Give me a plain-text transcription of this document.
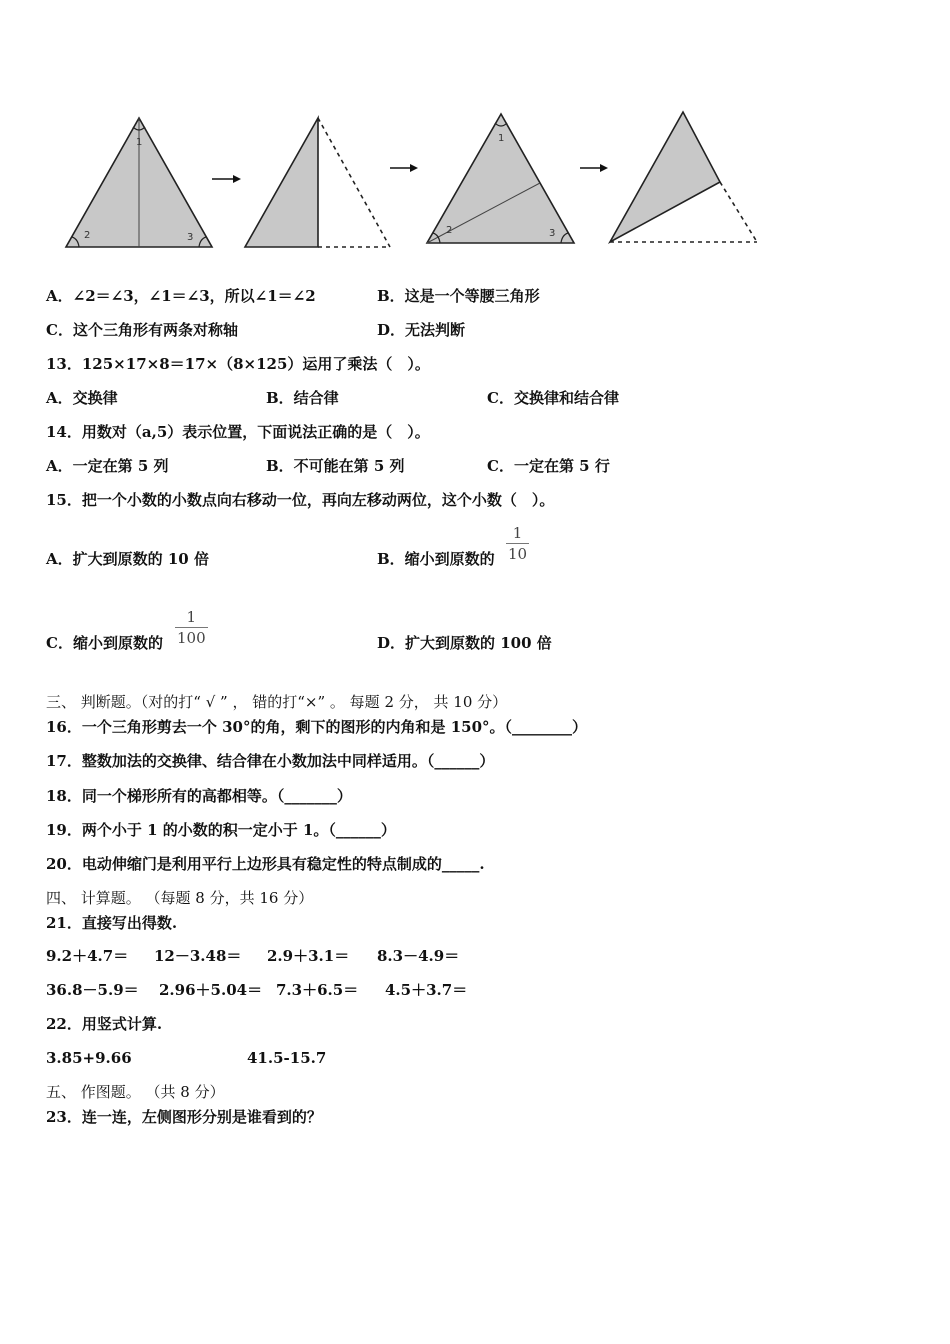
1
2	3
1
2	3
A．∠2＝∠3，∠1＝∠3，所以∠1＝∠2	B．这是一个等腰三角形
C．这个三角形有两条对称轴	D．无法判断
13．125×17×8＝17×（8×125）运用了乘法（　）。
A．交换律	B．结合律	C．交换律和结合律
14．用数对（a,5）表示位置，下面说法正确的是（　）。
A．一定在第 5 列	B．不可能在第 5 列	C．一定在第 5 行
15．把一个小数的小数点向右移动一位，再向左移动两位，这个小数（　）。
A．扩大到原数的 10 倍	B．缩小到原数的
1
10
C．缩小到原数的
1
100	D．扩大到原数的 100 倍
三、 判断题。（对的打“ √ ” ， 错的打“×” 。 每题 2 分， 共 10 分）
16．一个三角形剪去一个 30°的角，剩下的图形的内角和是 150°。（________）
17．整数加法的交换律、结合律在小数加法中同样适用。（______）
18．同一个梯形所有的高都相等。（_______）
19．两个小于 1 的小数的积一定小于 1。（______）
20．电动伸缩门是利用平行上边形具有稳定性的特点制成的_____.
四、 计算题。 （每题 8 分，共 16 分）
21．直接写出得数.
9.2＋4.7＝ 12－3.48＝ 2.9＋3.1＝ 8.3－4.9＝
36.8－5.9＝ 2.96＋5.04＝ 7.3＋6.5＝ 4.5＋3.7＝
22．用竖式计算.
3.85+9.66	41.5-15.7
五、 作图题。 （共 8 分）
23．连一连，左侧图形分别是谁看到的？
